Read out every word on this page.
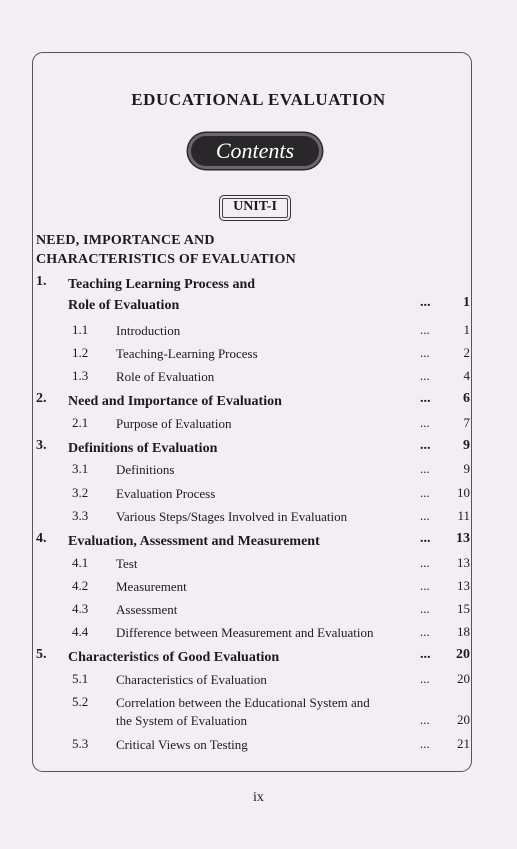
EDUCATIONAL EVALUATION
Contents
UNIT-I
NEED, IMPORTANCE AND
CHARACTERISTICS OF EVALUATION
1.	Teaching Learning Process and
Role of Evaluation	...	1
1.1	Introduction	...	1
1.2	Teaching-Learning Process	...	2
1.3	Role of Evaluation	...	4
2.	Need and Importance of Evaluation	...	6
2.1	Purpose of Evaluation	...	7
3.	Definitions of Evaluation	...	9
3.1	Definitions	...	9
3.2	Evaluation Process	...	10
3.3	Various Steps/Stages Involved in Evaluation	...	11
4.	Evaluation, Assessment and Measurement	...	13
4.1	Test	...	13
4.2	Measurement	...	13
4.3	Assessment	...	15
4.4	Difference between Measurement and Evaluation	...	18
5.	Characteristics of Good Evaluation	...	20
5.1	Characteristics of Evaluation	...	20
5.2	Correlation between the Educational System and
the System of Evaluation	...	20
5.3	Critical Views on Testing	...	21
ix
